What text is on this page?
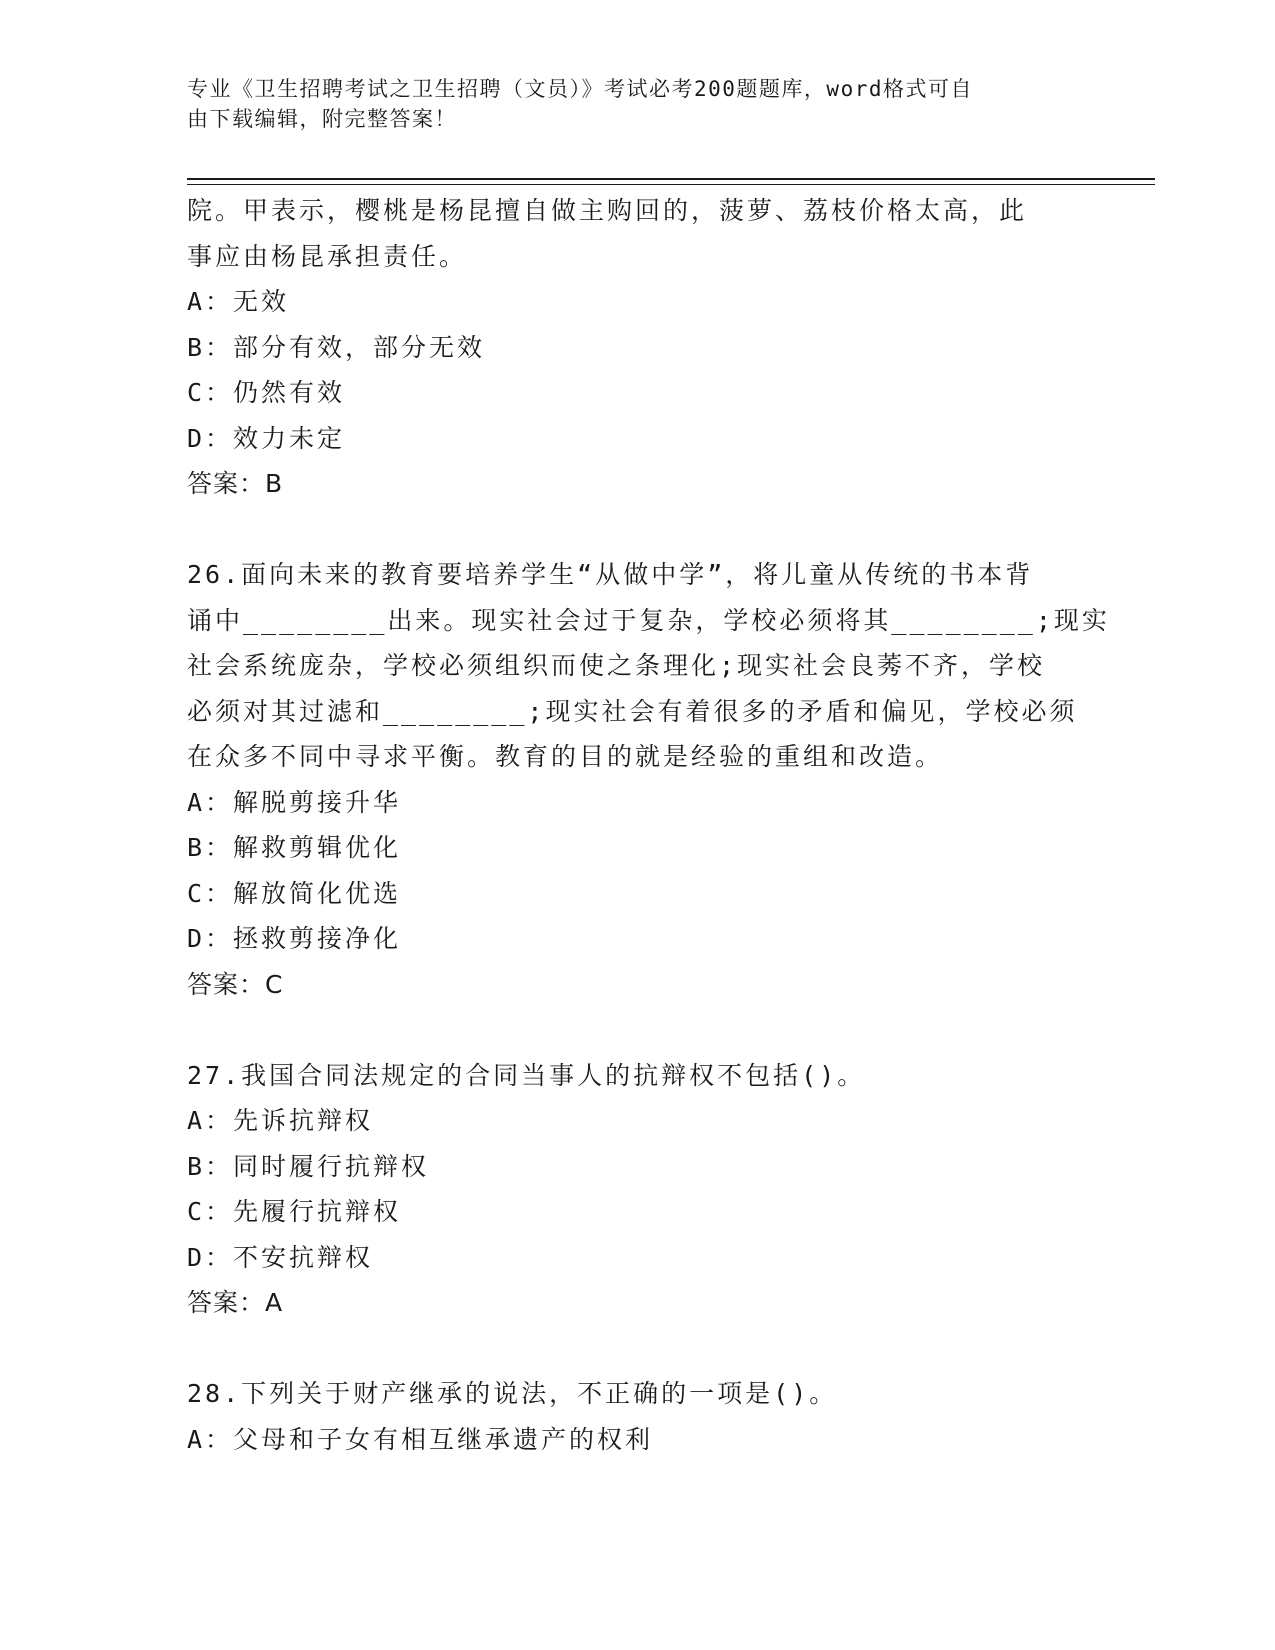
专业《卫生招聘考试之卫生招聘（文员）》考试必考200题题库，word格式可自
由下载编辑，附完整答案！
院。甲表示，樱桃是杨昆擅自做主购回的，菠萝、荔枝价格太高，此
事应由杨昆承担责任。
A：无效
B：部分有效，部分无效
C：仍然有效
D：效力未定
答案：B
26.面向未来的教育要培养学生“从做中学”，将儿童从传统的书本背
诵中________出来。现实社会过于复杂，学校必须将其________;现实
社会系统庞杂，学校必须组织而使之条理化;现实社会良莠不齐，学校
必须对其过滤和________;现实社会有着很多的矛盾和偏见，学校必须
在众多不同中寻求平衡。教育的目的就是经验的重组和改造。
A：解脱剪接升华
B：解救剪辑优化
C：解放简化优选
D：拯救剪接净化
答案：C
27.我国合同法规定的合同当事人的抗辩权不包括()。
A：先诉抗辩权
B：同时履行抗辩权
C：先履行抗辩权
D：不安抗辩权
答案：A
28.下列关于财产继承的说法，不正确的一项是()。
A：父母和子女有相互继承遗产的权利
